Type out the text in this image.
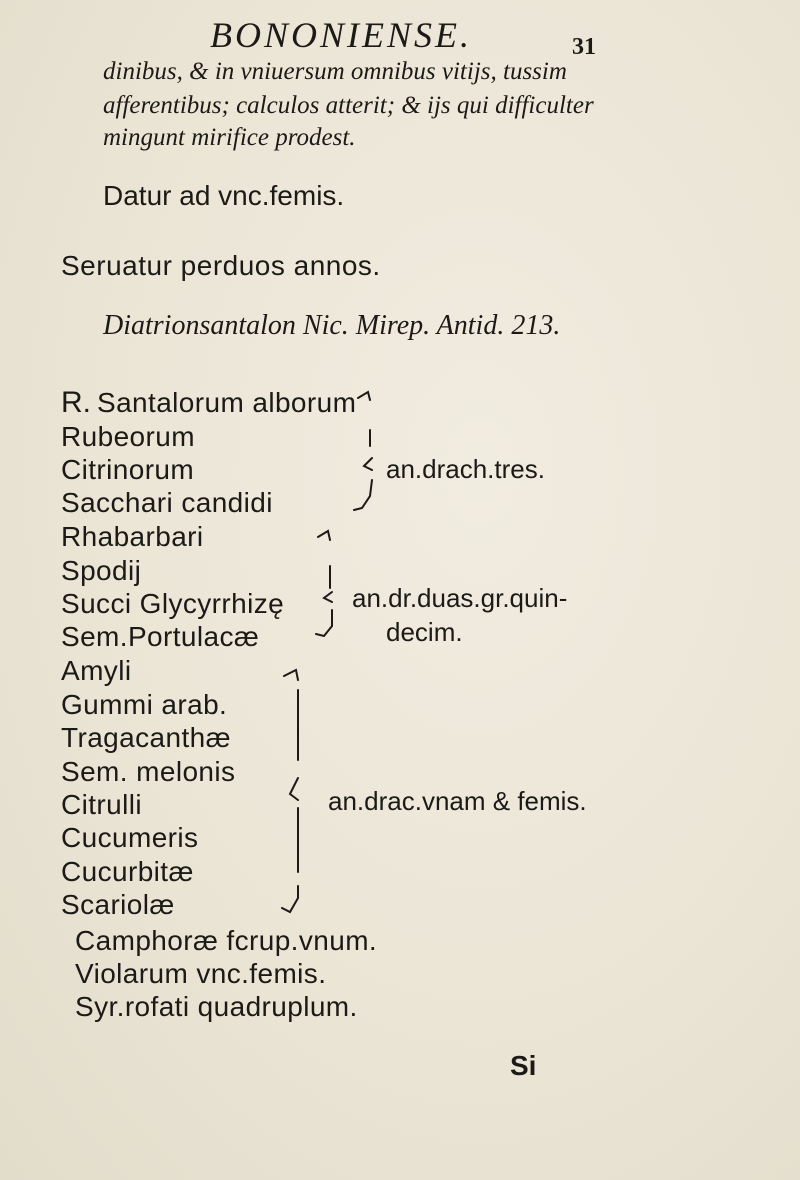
BONONIENSE.	31
dinibus, & in vniuersum omnibus vitijs, tussim
afferentibus; calculos atterit; & ijs qui difficulter
mingunt mirifice prodest.
Datur ad vnc.femis.
Seruatur perduos annos.
Diatrionsantalon Nic. Mirep. Antid. 213.
R. Santalorum alborum
Rubeorum
Citrinorum
Sacchari candidi
an.drach.tres.
Rhabarbari
Spodij
Succi Glycyrrhizę
Sem.Portulacæ
an.dr.duas.gr.quin-
decim.
Amyli
Gummi arab.
Tragacanthæ
Sem. melonis
Citrulli
Cucumeris
Cucurbitæ
Scariolæ
an.drac.vnam & femis.
Camphoræ fcrup.vnum.
Violarum vnc.femis.
Syr.rofati quadruplum.
Si
